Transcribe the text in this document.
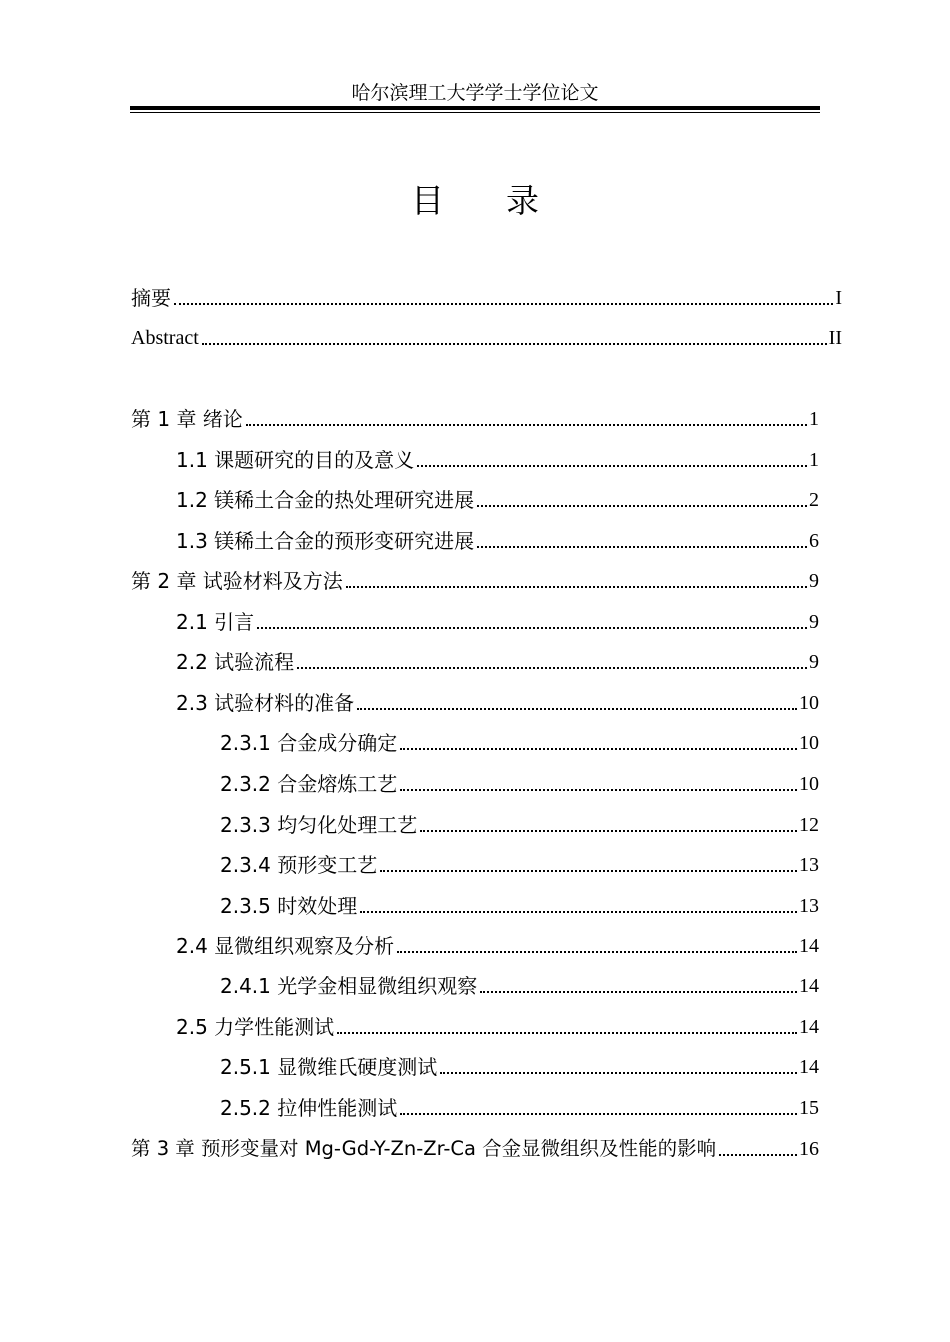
哈尔滨理工大学学士学位论文
目 录
摘要	I
Abstract	II
第 1 章 绪论	1
1.1 课题研究的目的及意义	1
1.2 镁稀土合金的热处理研究进展	2
1.3 镁稀土合金的预形变研究进展	6
第 2 章 试验材料及方法	9
2.1 引言	9
2.2 试验流程	9
2.3 试验材料的准备	10
2.3.1 合金成分确定	10
2.3.2 合金熔炼工艺	10
2.3.3 均匀化处理工艺	12
2.3.4 预形变工艺	13
2.3.5 时效处理	13
2.4 显微组织观察及分析	14
2.4.1 光学金相显微组织观察	14
2.5 力学性能测试	14
2.5.1 显微维氏硬度测试	14
2.5.2 拉伸性能测试	15
第 3 章 预形变量对 Mg-Gd-Y-Zn-Zr-Ca 合金显微组织及性能的影响	16
